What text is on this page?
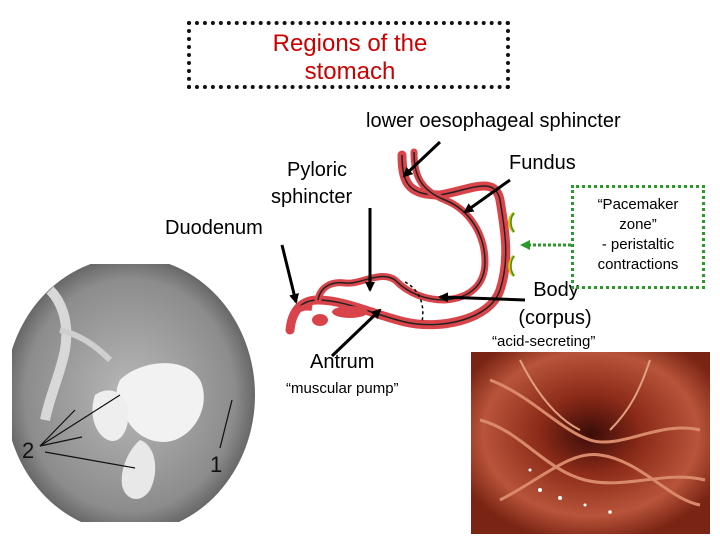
Regions of the
stomach
lower oesophageal sphincter
Fundus
Pyloric
sphincter
Duodenum
Body
(corpus)
“acid-secreting”
Antrum
“muscular pump”
“Pacemaker
zone”
- peristaltic
contractions
2
1
